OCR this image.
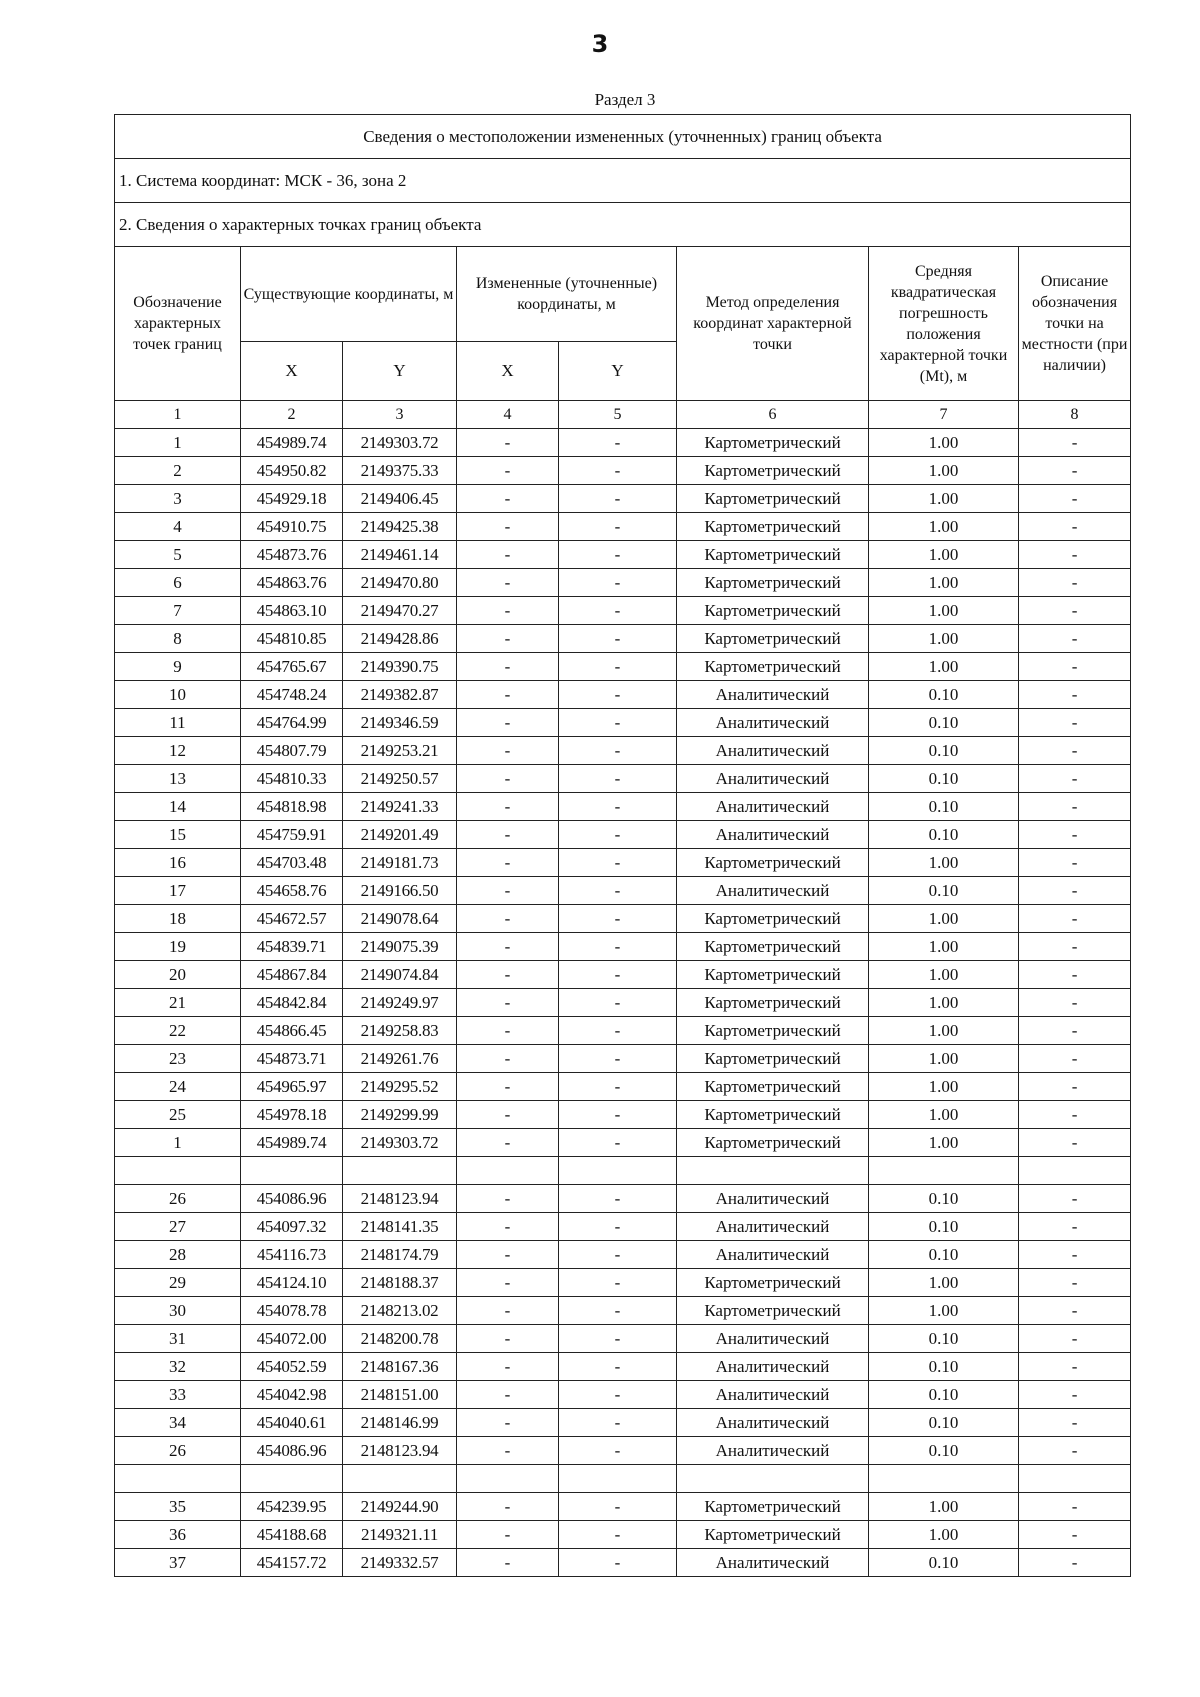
3
Раздел 3
Сведения о местоположении измененных (уточненных) границ объекта							
1. Система координат: МСК - 36, зона 2							
2. Сведения о характерных точках границ объекта							
Обозначение характерных точек границ	Существующие координаты, м		Измененные (уточненные) координаты, м		Метод определения координат характерной точки	Средняя квадратическая погрешность положения характерной точки (Mt), м	Описание обозначения точки на местности (при наличии)
	X	Y	X	Y			
1	2	3	4	5	6	7	8
1	454989.74	2149303.72	-	-	Картометрический	1.00	-
2	454950.82	2149375.33	-	-	Картометрический	1.00	-
3	454929.18	2149406.45	-	-	Картометрический	1.00	-
4	454910.75	2149425.38	-	-	Картометрический	1.00	-
5	454873.76	2149461.14	-	-	Картометрический	1.00	-
6	454863.76	2149470.80	-	-	Картометрический	1.00	-
7	454863.10	2149470.27	-	-	Картометрический	1.00	-
8	454810.85	2149428.86	-	-	Картометрический	1.00	-
9	454765.67	2149390.75	-	-	Картометрический	1.00	-
10	454748.24	2149382.87	-	-	Аналитический	0.10	-
11	454764.99	2149346.59	-	-	Аналитический	0.10	-
12	454807.79	2149253.21	-	-	Аналитический	0.10	-
13	454810.33	2149250.57	-	-	Аналитический	0.10	-
14	454818.98	2149241.33	-	-	Аналитический	0.10	-
15	454759.91	2149201.49	-	-	Аналитический	0.10	-
16	454703.48	2149181.73	-	-	Картометрический	1.00	-
17	454658.76	2149166.50	-	-	Аналитический	0.10	-
18	454672.57	2149078.64	-	-	Картометрический	1.00	-
19	454839.71	2149075.39	-	-	Картометрический	1.00	-
20	454867.84	2149074.84	-	-	Картометрический	1.00	-
21	454842.84	2149249.97	-	-	Картометрический	1.00	-
22	454866.45	2149258.83	-	-	Картометрический	1.00	-
23	454873.71	2149261.76	-	-	Картометрический	1.00	-
24	454965.97	2149295.52	-	-	Картометрический	1.00	-
25	454978.18	2149299.99	-	-	Картометрический	1.00	-
1	454989.74	2149303.72	-	-	Картометрический	1.00	-

26	454086.96	2148123.94	-	-	Аналитический	0.10	-
27	454097.32	2148141.35	-	-	Аналитический	0.10	-
28	454116.73	2148174.79	-	-	Аналитический	0.10	-
29	454124.10	2148188.37	-	-	Картометрический	1.00	-
30	454078.78	2148213.02	-	-	Картометрический	1.00	-
31	454072.00	2148200.78	-	-	Аналитический	0.10	-
32	454052.59	2148167.36	-	-	Аналитический	0.10	-
33	454042.98	2148151.00	-	-	Аналитический	0.10	-
34	454040.61	2148146.99	-	-	Аналитический	0.10	-
26	454086.96	2148123.94	-	-	Аналитический	0.10	-

35	454239.95	2149244.90	-	-	Картометрический	1.00	-
36	454188.68	2149321.11	-	-	Картометрический	1.00	-
37	454157.72	2149332.57	-	-	Аналитический	0.10	-
